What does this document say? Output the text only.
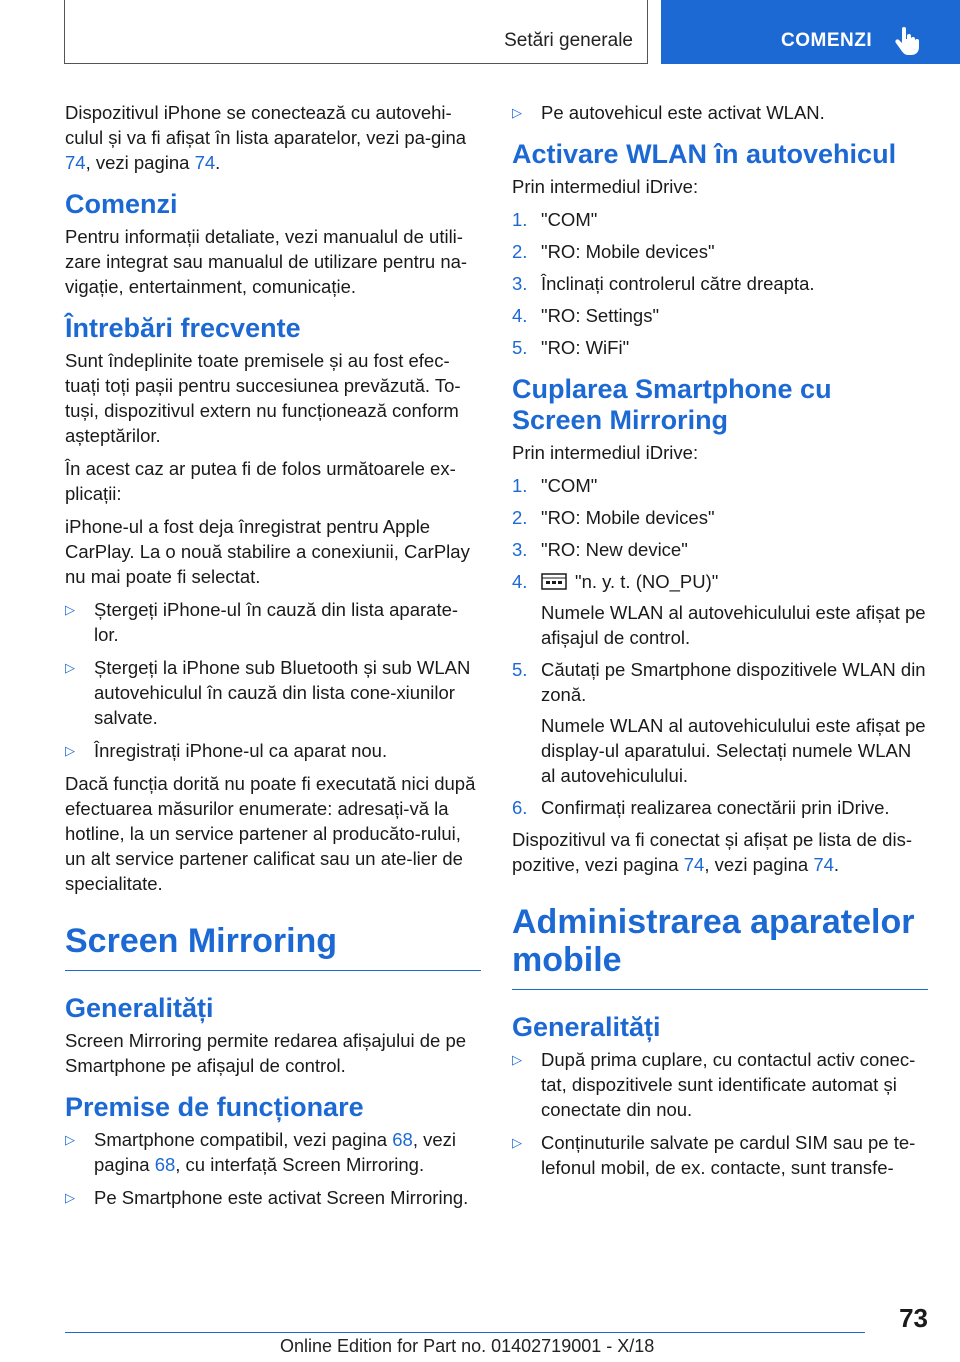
Setări generale	COMENZI

Dispozitivul iPhone se conectează cu autovehi-culul și va fi afișat în lista aparatelor, vezi pa-gina 74, vezi pagina 74.

Comenzi

Pentru informații detaliate, vezi manualul de utili-zare integrat sau manualul de utilizare pentru na-vigație, entertainment, comunicație.

Întrebări frecvente

Sunt îndeplinite toate premisele și au fost efec-tuați toți pașii pentru succesiunea prevăzută. To-tuși, dispozitivul extern nu funcționează conform așteptărilor.

În acest caz ar putea fi de folos următoarele ex-plicații:

iPhone-ul a fost deja înregistrat pentru Apple CarPlay. La o nouă stabilire a conexiunii, CarPlay nu mai poate fi selectat.

▷ Ștergeți iPhone-ul în cauză din lista aparate-lor.
▷ Ștergeți la iPhone sub Bluetooth și sub WLAN autovehiculul în cauză din lista cone-xiunilor salvate.
▷ Înregistrați iPhone-ul ca aparat nou.

Dacă funcția dorită nu poate fi executată nici după efectuarea măsurilor enumerate: adresați-vă la hotline, la un service partener al producăto-rului, un alt service partener calificat sau un ate-lier de specialitate.

Screen Mirroring
Generalități

Screen Mirroring permite redarea afișajului de pe Smartphone pe afișajul de control.

Premise de funcționare
▷ Smartphone compatibil, vezi pagina 68, vezi pagina 68, cu interfață Screen Mirroring.
▷ Pe Smartphone este activat Screen Mirroring.
▷ Pe autovehicul este activat WLAN.
Activare WLAN în autovehicul

Prin intermediul iDrive:

1. "COM"
2. "RO: Mobile devices"
3. Înclinați controlerul către dreapta.
4. "RO: Settings"
5. "RO: WiFi"
Cuplarea Smartphone cu Screen Mirroring

Prin intermediul iDrive:

1. "COM"
2. "RO: Mobile devices"
3. "RO: New device"
4.	"n. y. t. (NO_PU)"
Numele WLAN al autovehiculului este afișat pe afișajul de control.
5. Căutați pe Smartphone dispozitivele WLAN din zonă.
Numele WLAN al autovehiculului este afișat pe display-ul aparatului. Selectați numele WLAN al autovehiculului.
6. Confirmați realizarea conectării prin iDrive.

Dispozitivul va fi conectat și afișat pe lista de dis-pozitive, vezi pagina 74, vezi pagina 74.

Administrarea aparatelor mobile
Generalități
▷ După prima cuplare, cu contactul activ conec-tat, dispozitivele sunt identificate automat și conectate din nou.
▷ Conținuturile salvate pe cardul SIM sau pe te-lefonul mobil, de ex. contacte, sunt transfe-
73
Online Edition for Part no. 01402719001 - X/18
